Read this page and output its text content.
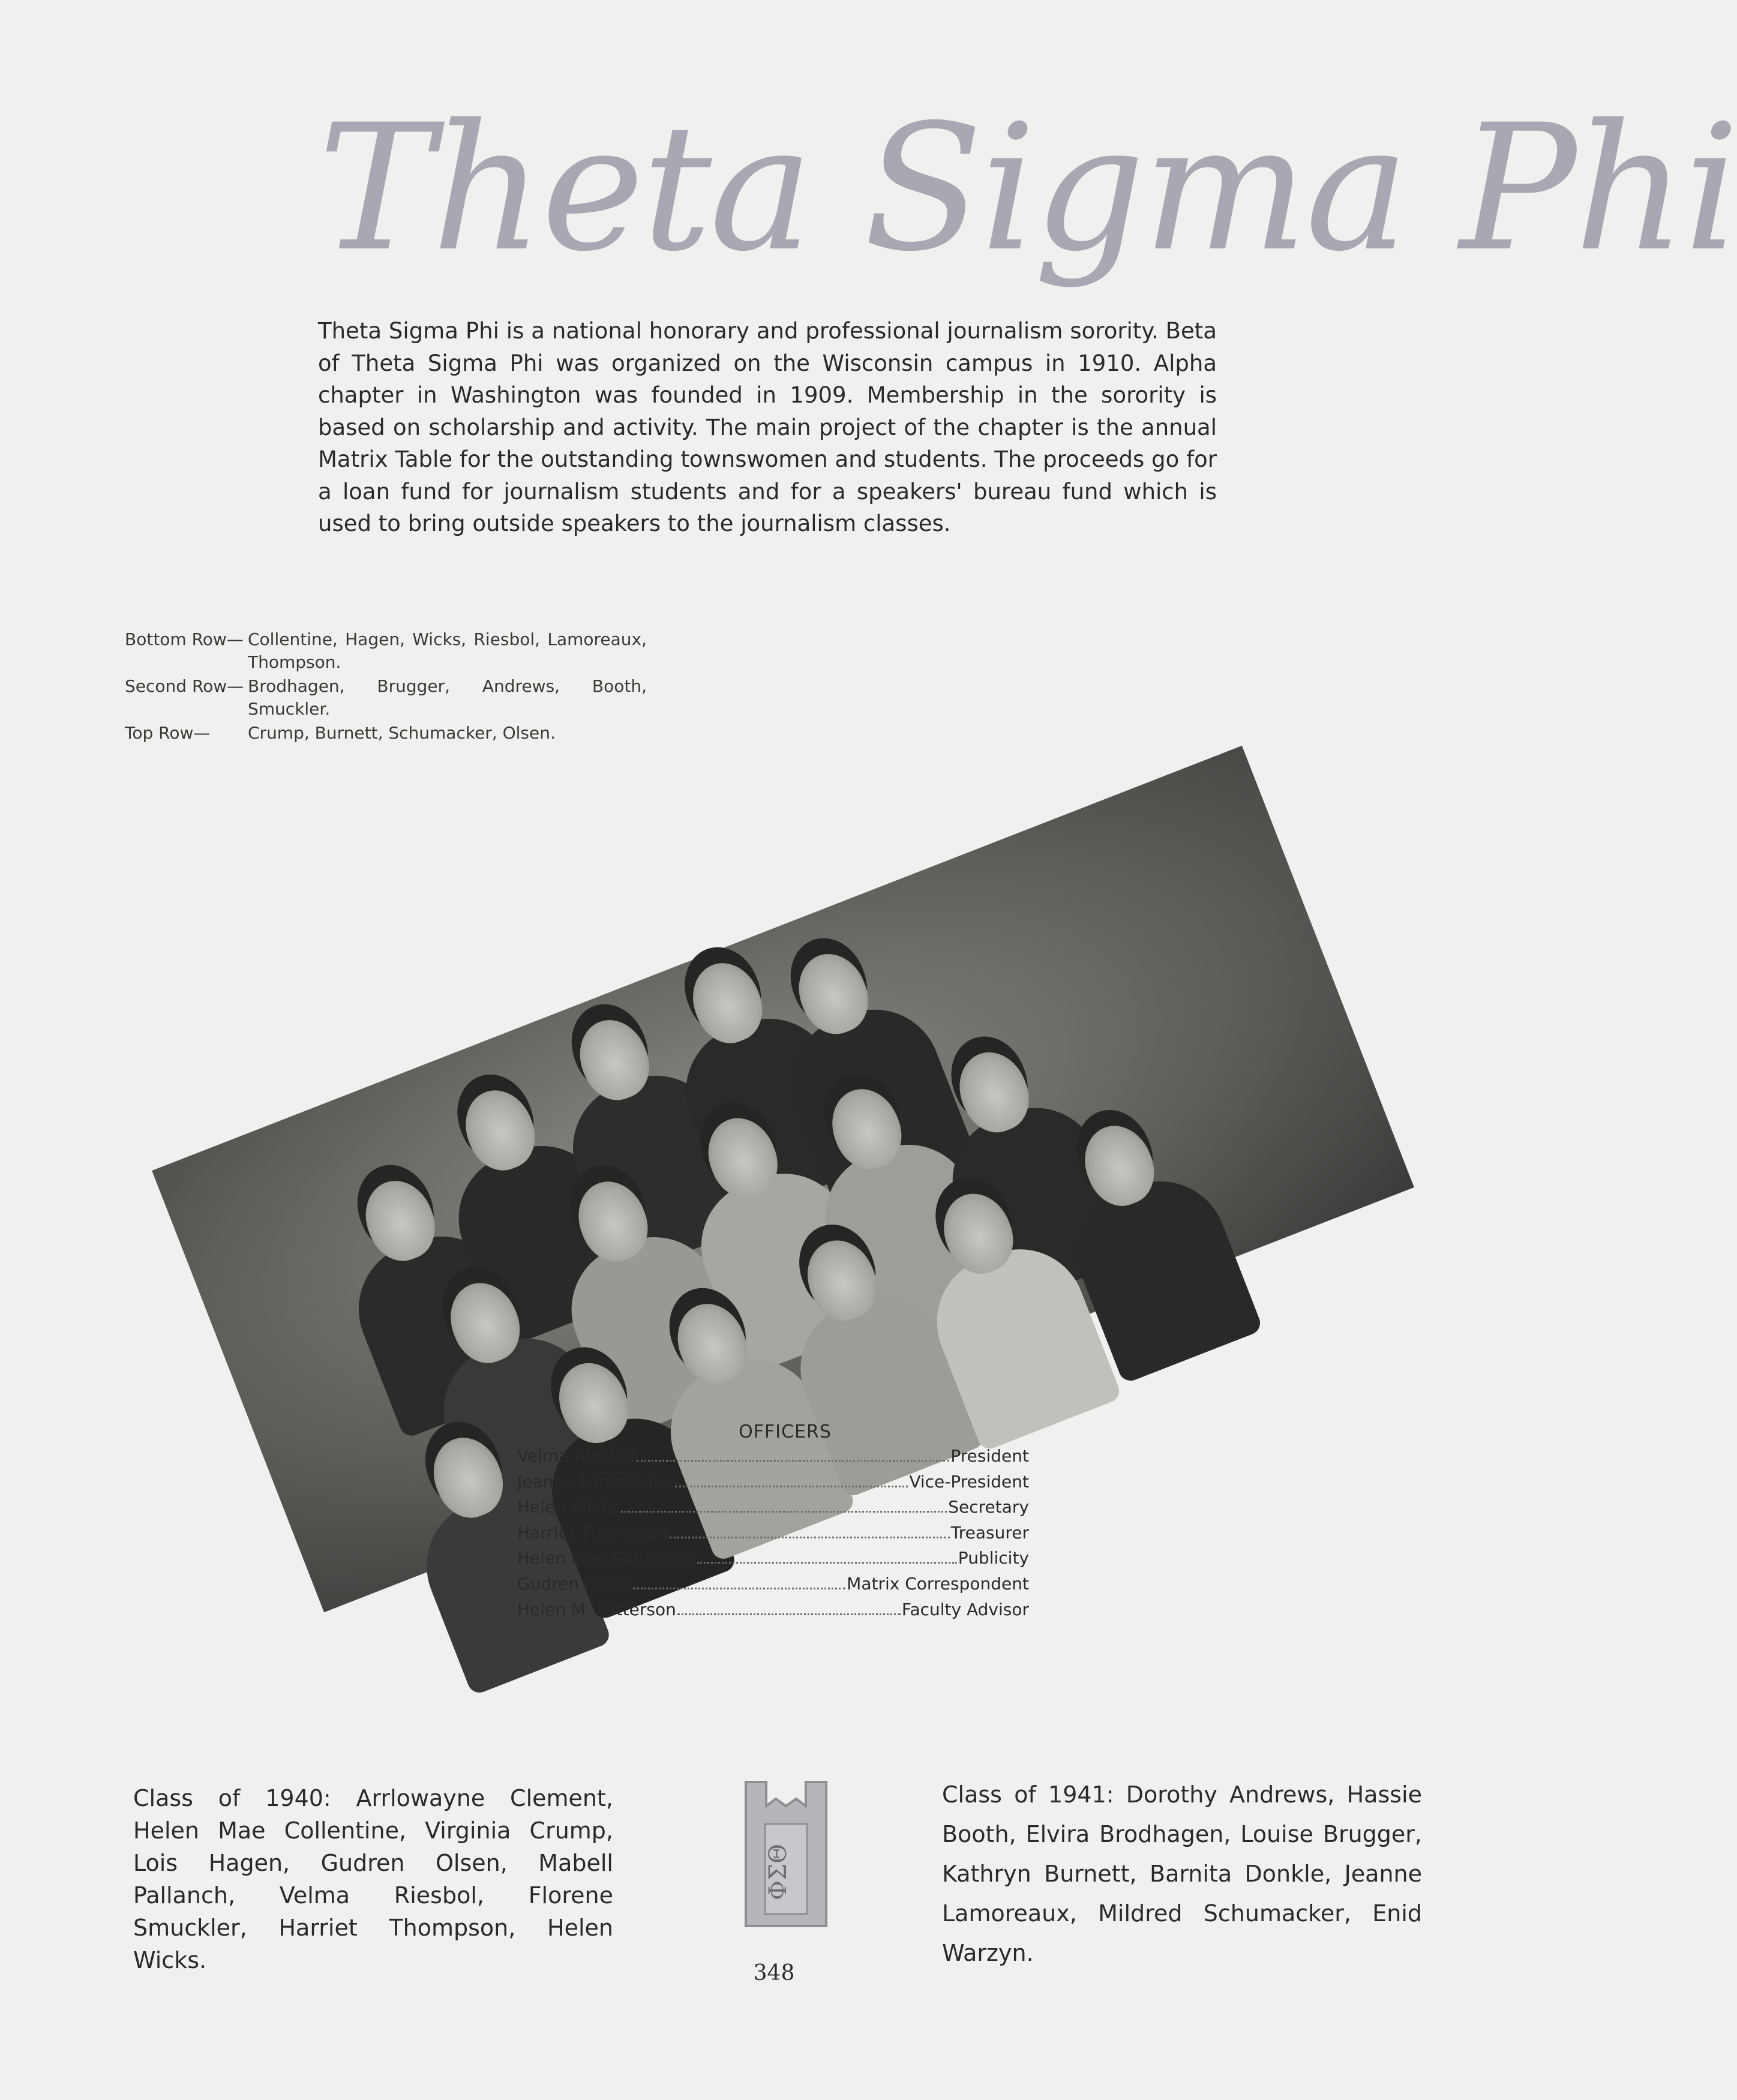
Theta Sigma Phi
Theta Sigma Phi is a national honorary and professional journalism sorority. Beta of Theta Sigma Phi was organized on the Wisconsin campus in 1910. Alpha chapter in Washington was founded in 1909. Membership in the sorority is based on scholarship and activity. The main project of the chapter is the annual Matrix Table for the outstanding townswomen and students. The proceeds go for a loan fund for journalism students and for a speakers' bureau fund which is used to bring outside speakers to the journalism classes.
Bottom Row— Collentine, Hagen, Wicks, Riesbol, Lamoreaux, Thompson.
Second Row— Brodhagen, Brugger, Andrews, Booth, Smuckler.
Top Row—	Crump, Burnett, Schumacker, Olsen.
OFFICERS
Velma Riesbol	President
Jeanne Lamoreaux	Vice-President
Helen Wicks	Secretary
Harriet Thompson	Treasurer
Helen Mae Collentine	Publicity
Gudren Olsen	Matrix Correspondent
Helen M. Patterson	Faculty Advisor
Class of 1940: Arrlowayne Clement, Helen Mae Collentine, Virginia Crump, Lois Hagen, Gudren Olsen, Mabell Pallanch, Velma Riesbol, Florene Smuckler, Harriet Thompson, Helen Wicks.
ΦΣΘ
Class of 1941: Dorothy Andrews, Hassie Booth, Elvira Brodhagen, Louise Brugger, Kathryn Burnett, Barnita Donkle, Jeanne Lamoreaux, Mildred Schumacker, Enid Warzyn.
348
